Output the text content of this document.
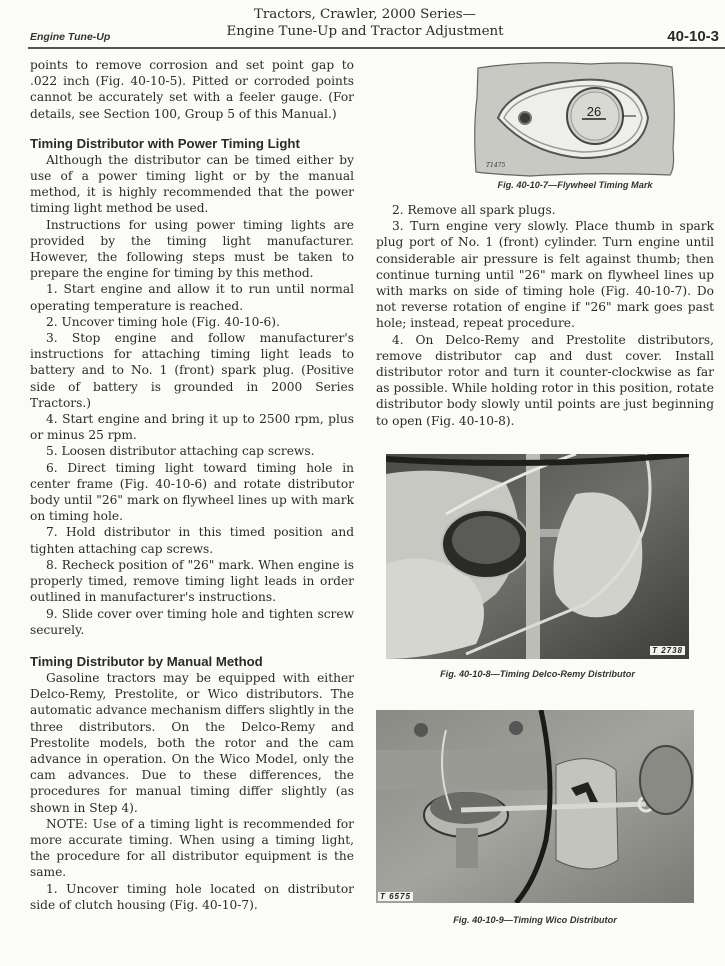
Engine Tune-Up
Tractors, Crawler, 2000 Series—
Engine Tune-Up and Tractor Adjustment	40-10-3

points to remove corrosion and set point gap to .022 inch (Fig. 40-10-5). Pitted or corroded points cannot be accurately set with a feeler gauge. (For details, see Section 100, Group 5 of this Manual.)

Timing Distributor with Power Timing Light

Although the distributor can be timed either by use of a power timing light or by the manual method, it is highly recommended that the power timing light method be used.

Instructions for using power timing lights are provided by the timing light manufacturer. However, the following steps must be taken to prepare the engine for timing by this method.

1. Start engine and allow it to run until normal operating temperature is reached.

2. Uncover timing hole (Fig. 40-10-6).

3. Stop engine and follow manufacturer's instructions for attaching timing light leads to battery and to No. 1 (front) spark plug. (Positive side of battery is grounded in 2000 Series Tractors.)

4. Start engine and bring it up to 2500 rpm, plus or minus 25 rpm.

5. Loosen distributor attaching cap screws.

6. Direct timing light toward timing hole in center frame (Fig. 40-10-6) and rotate distributor body until "26" mark on flywheel lines up with mark on timing hole.

7. Hold distributor in this timed position and tighten attaching cap screws.

8. Recheck position of "26" mark. When engine is properly timed, remove timing light leads in order outlined in manufacturer's instructions.

9. Slide cover over timing hole and tighten screw securely.

Timing Distributor by Manual Method

Gasoline tractors may be equipped with either Delco-Remy, Prestolite, or Wico distributors. The automatic advance mechanism differs slightly in the three distributors. On the Delco-Remy and Prestolite models, both the rotor and the cam advance in operation. On the Wico Model, only the cam advances. Due to these differences, the procedures for manual timing differ slightly (as shown in Step 4).

NOTE: Use of a timing light is recommended for more accurate timing. When using a timing light, the procedure for all distributor equipment is the same.

1. Uncover timing hole located on distributor side of clutch housing (Fig. 40-10-7).

26
T1475
Fig. 40-10-7—Flywheel Timing Mark

2. Remove all spark plugs.

3. Turn engine very slowly. Place thumb in spark plug port of No. 1 (front) cylinder. Turn engine until considerable air pressure is felt against thumb; then continue turning until "26" mark on flywheel lines up with marks on side of timing hole (Fig. 40-10-7). Do not reverse rotation of engine if "26" mark goes past hole; instead, repeat procedure.

4. On Delco-Remy and Prestolite distributors, remove distributor cap and dust cover. Install distributor rotor and turn it counter-clockwise as far as possible. While holding rotor in this position, rotate distributor body slowly until points are just beginning to open (Fig. 40-10-8).

T 2738
Fig. 40-10-8—Timing Delco-Remy Distributor
T 6575
Fig. 40-10-9—Timing Wico Distributor
